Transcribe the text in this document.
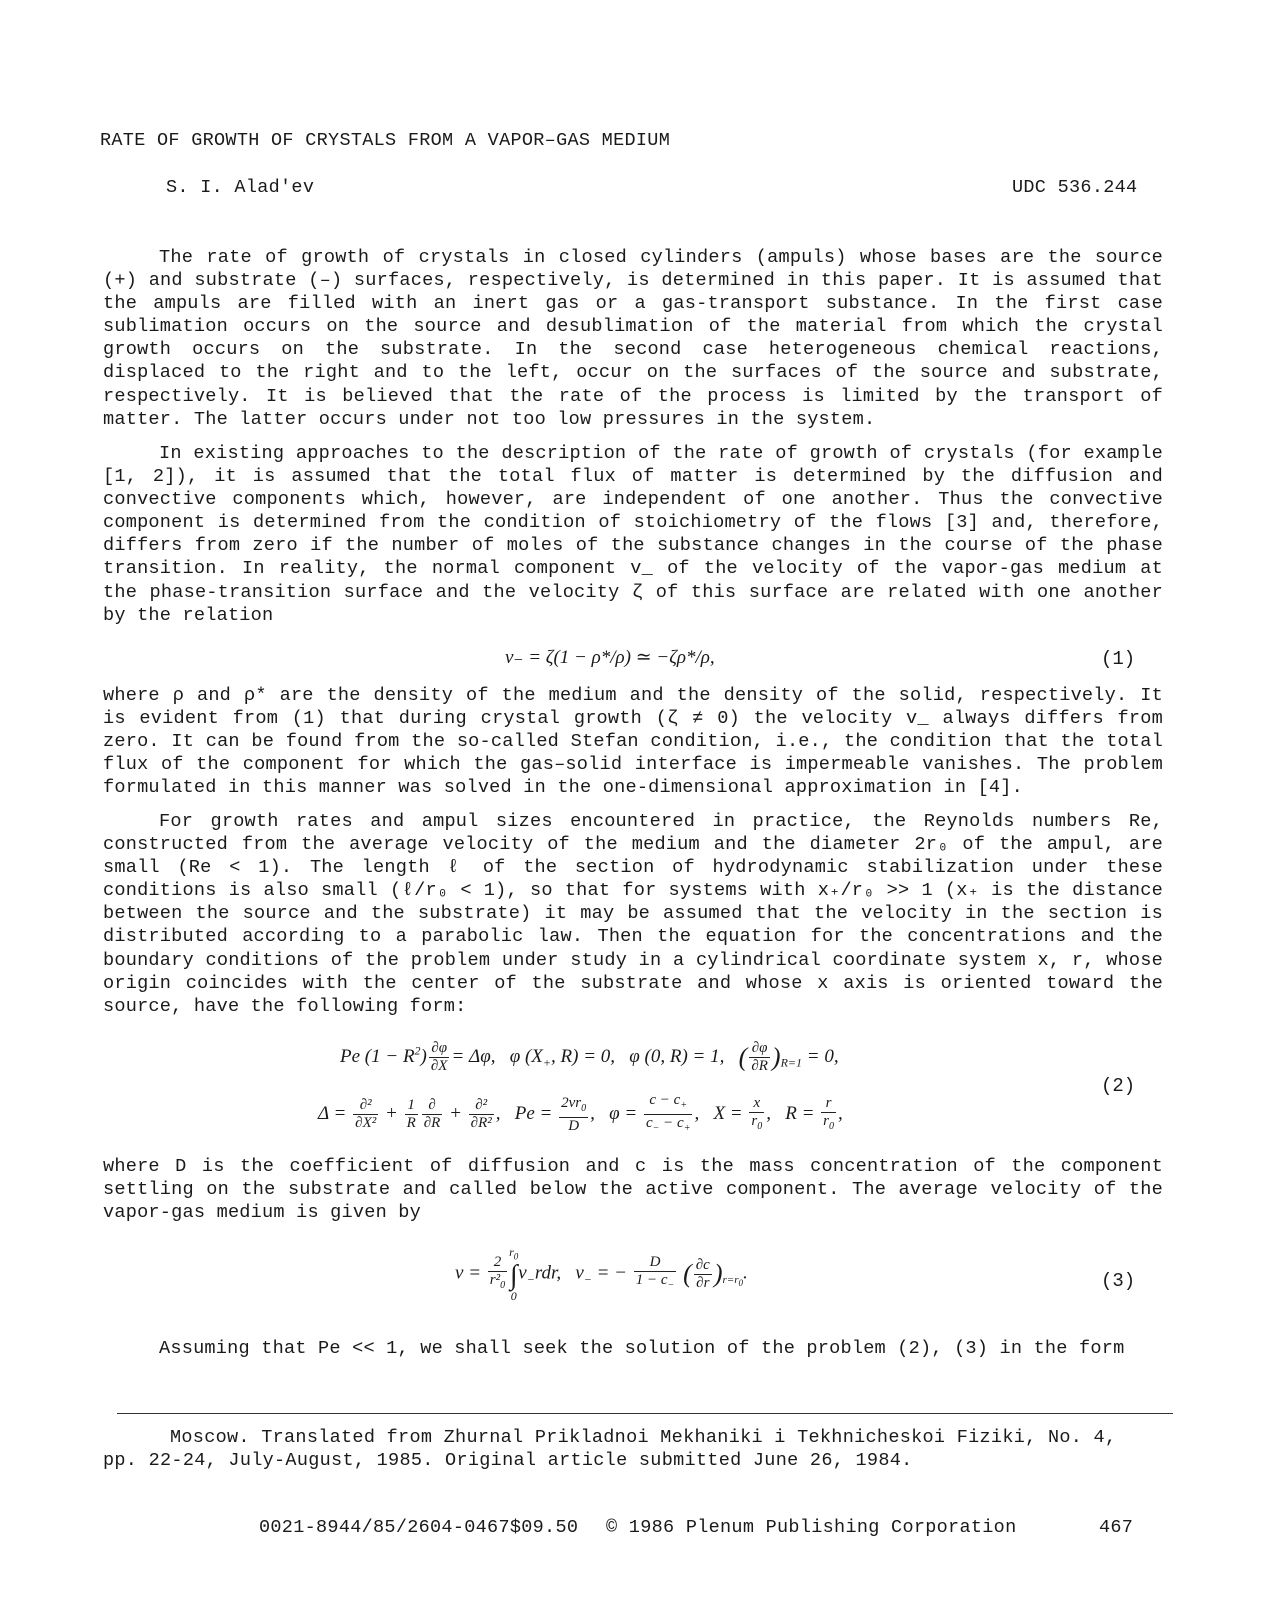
RATE OF GROWTH OF CRYSTALS FROM A VAPOR–GAS MEDIUM
S. I. Alad'ev	UDC 536.244
The rate of growth of crystals in closed cylinders (ampuls) whose bases are the source (+) and substrate (–) surfaces, respectively, is determined in this paper. It is assumed that the ampuls are filled with an inert gas or a gas-transport substance. In the first case sublimation occurs on the source and desublimation of the material from which the crystal growth occurs on the substrate. In the second case heterogeneous chemical reactions, displaced to the right and to the left, occur on the surfaces of the source and substrate, respectively. It is believed that the rate of the process is limited by the transport of matter. The latter occurs under not too low pressures in the system.
In existing approaches to the description of the rate of growth of crystals (for example [1, 2]), it is assumed that the total flux of matter is determined by the diffusion and convective components which, however, are independent of one another. Thus the convective component is determined from the condition of stoichiometry of the flows [3] and, therefore, differs from zero if the number of moles of the substance changes in the course of the phase transition. In reality, the normal component v_ of the velocity of the vapor-gas medium at the phase-transition surface and the velocity ζ of this surface are related with one another by the relation
v₋ = ζ(1 − ρ*/ρ) ≃ −ζρ*/ρ,	(1)
where ρ and ρ* are the density of the medium and the density of the solid, respectively. It is evident from (1) that during crystal growth (ζ ≠ 0) the velocity v_ always differs from zero. It can be found from the so-called Stefan condition, i.e., the condition that the total flux of the component for which the gas–solid interface is impermeable vanishes. The problem formulated in this manner was solved in the one-dimensional approximation in [4].
For growth rates and ampul sizes encountered in practice, the Reynolds numbers Re, constructed from the average velocity of the medium and the diameter 2r₀ of the ampul, are small (Re < 1). The length ℓ of the section of hydrodynamic stabilization under these conditions is also small (ℓ/r₀ < 1), so that for systems with x₊/r₀ >> 1 (x₊ is the distance between the source and the substrate) it may be assumed that the velocity in the section is distributed according to a parabolic law. Then the equation for the concentrations and the boundary conditions of the problem under study in a cylindrical coordinate system x, r, whose origin coincides with the center of the substrate and whose x axis is oriented toward the source, have the following form:
Pe $(1 - R^2) \frac{\partial\varphi}{\partial X} = \Delta\varphi$,   φ ($X_+$, R) = 0,   φ (0, R) = 1,   ( $\frac{\partial\varphi}{\partial R} )_{R=1} = 0$,
$\Delta = \frac{\text{∂²}}{\text{∂X²}} + \frac{1}{R} \frac{\partial}{\partial R} + \frac{\text{∂²}}{\text{∂R²}}$ ,   $Pe = \frac{2vr_0}{D}$ ,   $\varphi = \frac{c - c_+}{c_- - c_+}$ ,   $X = \frac{x}{r_0}$ ,   $R = \frac{r}{r_0}$ ,
(2)
where D is the coefficient of diffusion and c is the mass concentration of the component settling on the substrate and called below the active component. The average velocity of the vapor-gas medium is given by
$v = \frac{2}{r^2_0}$
$r_0$
∫
0
$v_-rdr$,   $v_-$ = − $\frac{D}{1 - c_-}$ ( $\frac{\partial c}{\partial r} )_{r=r_0}$.	(3)
Assuming that Pe << 1, we shall seek the solution of the problem (2), (3) in the form
Moscow. Translated from Zhurnal Prikladnoi Mekhaniki i Tekhnicheskoi Fiziki, No. 4,
pp. 22-24, July-August, 1985. Original article submitted June 26, 1984.
0021-8944/85/2604-0467$09.50 © 1986 Plenum Publishing Corporation	467
